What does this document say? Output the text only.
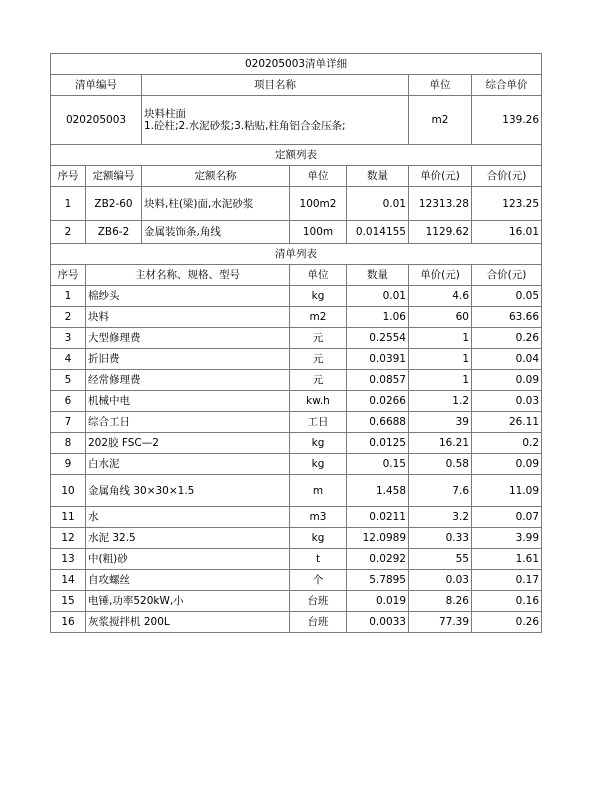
020205003清单详细						
清单编号		项目名称			单位	综合单价
020205003		块料柱面
1.砼柱;2.水泥砂浆;3.粘贴,柱角铝合金压条;			m2	139.26
定额列表						
序号	定额编号	定额名称	单位	数量	单价(元)	合价(元)
1	ZB2-60	块料,柱(梁)面,水泥砂浆	100m2	0.01	12313.28	123.25
2	ZB6-2	金属装饰条,角线	100m	0.014155	1129.62	16.01
清单列表						
序号	主材名称、规格、型号		单位	数量	单价(元)	合价(元)
1	棉纱头		kg	0.01	4.6	0.05
2	块料		m2	1.06	60	63.66
3	大型修理费		元	0.2554	1	0.26
4	折旧费		元	0.0391	1	0.04
5	经常修理费		元	0.0857	1	0.09
6	机械中电		kw.h	0.0266	1.2	0.03
7	综合工日		工日	0.6688	39	26.11
8	202胶 FSC—2		kg	0.0125	16.21	0.2
9	白水泥		kg	0.15	0.58	0.09
10	金属角线 30×30×1.5		m	1.458	7.6	11.09
11	水		m3	0.0211	3.2	0.07
12	水泥 32.5		kg	12.0989	0.33	3.99
13	中(粗)砂		t	0.0292	55	1.61
14	自攻螺丝		个	5.7895	0.03	0.17
15	电锤,功率520kW,小		台班	0.019	8.26	0.16
16	灰浆搅拌机 200L		台班	0.0033	77.39	0.26
